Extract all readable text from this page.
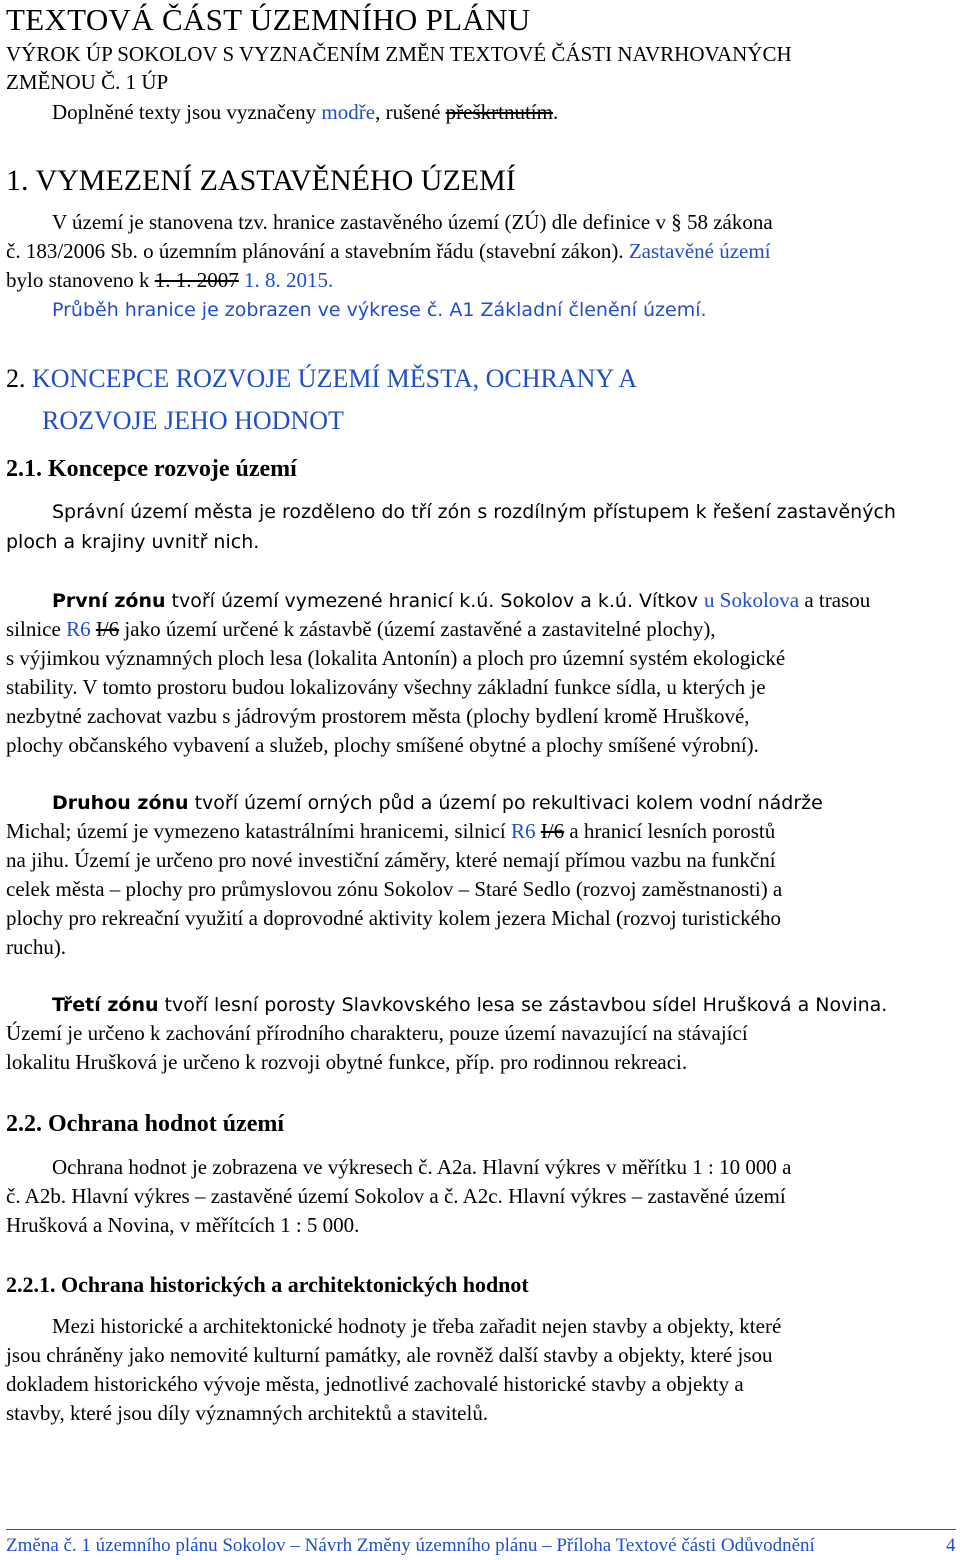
TEXTOVÁ ČÁST ÚZEMNÍHO PLÁNU
VÝROK ÚP SOKOLOV S VYZNAČENÍM ZMĚN TEXTOVÉ ČÁSTI NAVRHOVANÝCH
ZMĚNOU Č. 1 ÚP
Doplněné texty jsou vyznačeny modře, rušené přeškrtnutím.
1. VYMEZENÍ ZASTAVĚNÉHO ÚZEMÍ
V území je stanovena tzv. hranice zastavěného území (ZÚ) dle definice v § 58 zákona
č. 183/2006 Sb. o územním plánování a stavebním řádu (stavební zákon). Zastavěné území
bylo stanoveno k 1. 1. 2007 1. 8. 2015.
Průběh hranice je zobrazen ve výkrese č. A1 Základní členění území.
2. KONCEPCE ROZVOJE ÚZEMÍ MĚSTA, OCHRANY A
ROZVOJE JEHO HODNOT
2.1. Koncepce rozvoje území
Správní území města je rozděleno do tří zón s rozdílným přístupem k řešení zastavěných
ploch a krajiny uvnitř nich.
První zónu tvoří území vymezené hranicí k.ú. Sokolov a k.ú. Vítkov u Sokolova a trasou
silnice R6 I/6 jako území určené k zástavbě (území zastavěné a zastavitelné plochy),
s výjimkou významných ploch lesa (lokalita Antonín) a ploch pro územní systém ekologické
stability. V tomto prostoru budou lokalizovány všechny základní funkce sídla, u kterých je
nezbytné zachovat vazbu s jádrovým prostorem města (plochy bydlení kromě Hruškové,
plochy občanského vybavení a služeb, plochy smíšené obytné a plochy smíšené výrobní).
Druhou zónu tvoří území orných půd a území po rekultivaci kolem vodní nádrže
Michal; území je vymezeno katastrálními hranicemi, silnicí R6 I/6 a hranicí lesních porostů
na jihu. Území je určeno pro nové investiční záměry, které nemají přímou vazbu na funkční
celek města – plochy pro průmyslovou zónu Sokolov – Staré Sedlo (rozvoj zaměstnanosti) a
plochy pro rekreační využití a doprovodné aktivity kolem jezera Michal (rozvoj turistického
ruchu).
Třetí zónu tvoří lesní porosty Slavkovského lesa se zástavbou sídel Hrušková a Novina.
Území je určeno k zachování přírodního charakteru, pouze území navazující na stávající
lokalitu Hrušková je určeno k rozvoji obytné funkce, příp. pro rodinnou rekreaci.
2.2. Ochrana hodnot území
Ochrana hodnot je zobrazena ve výkresech č. A2a. Hlavní výkres v měřítku 1 : 10 000 a
č. A2b. Hlavní výkres – zastavěné území Sokolov a č. A2c. Hlavní výkres – zastavěné území
Hrušková a Novina, v měřítcích 1 : 5 000.
2.2.1. Ochrana historických a architektonických hodnot
Mezi historické a architektonické hodnoty je třeba zařadit nejen stavby a objekty, které
jsou chráněny jako nemovité kulturní památky, ale rovněž další stavby a objekty, které jsou
dokladem historického vývoje města, jednotlivé zachovalé historické stavby a objekty a
stavby, které jsou díly významných architektů a stavitelů.
Změna č. 1 územního plánu Sokolov – Návrh Změny územního plánu – Příloha Textové části Odůvodnění	4
